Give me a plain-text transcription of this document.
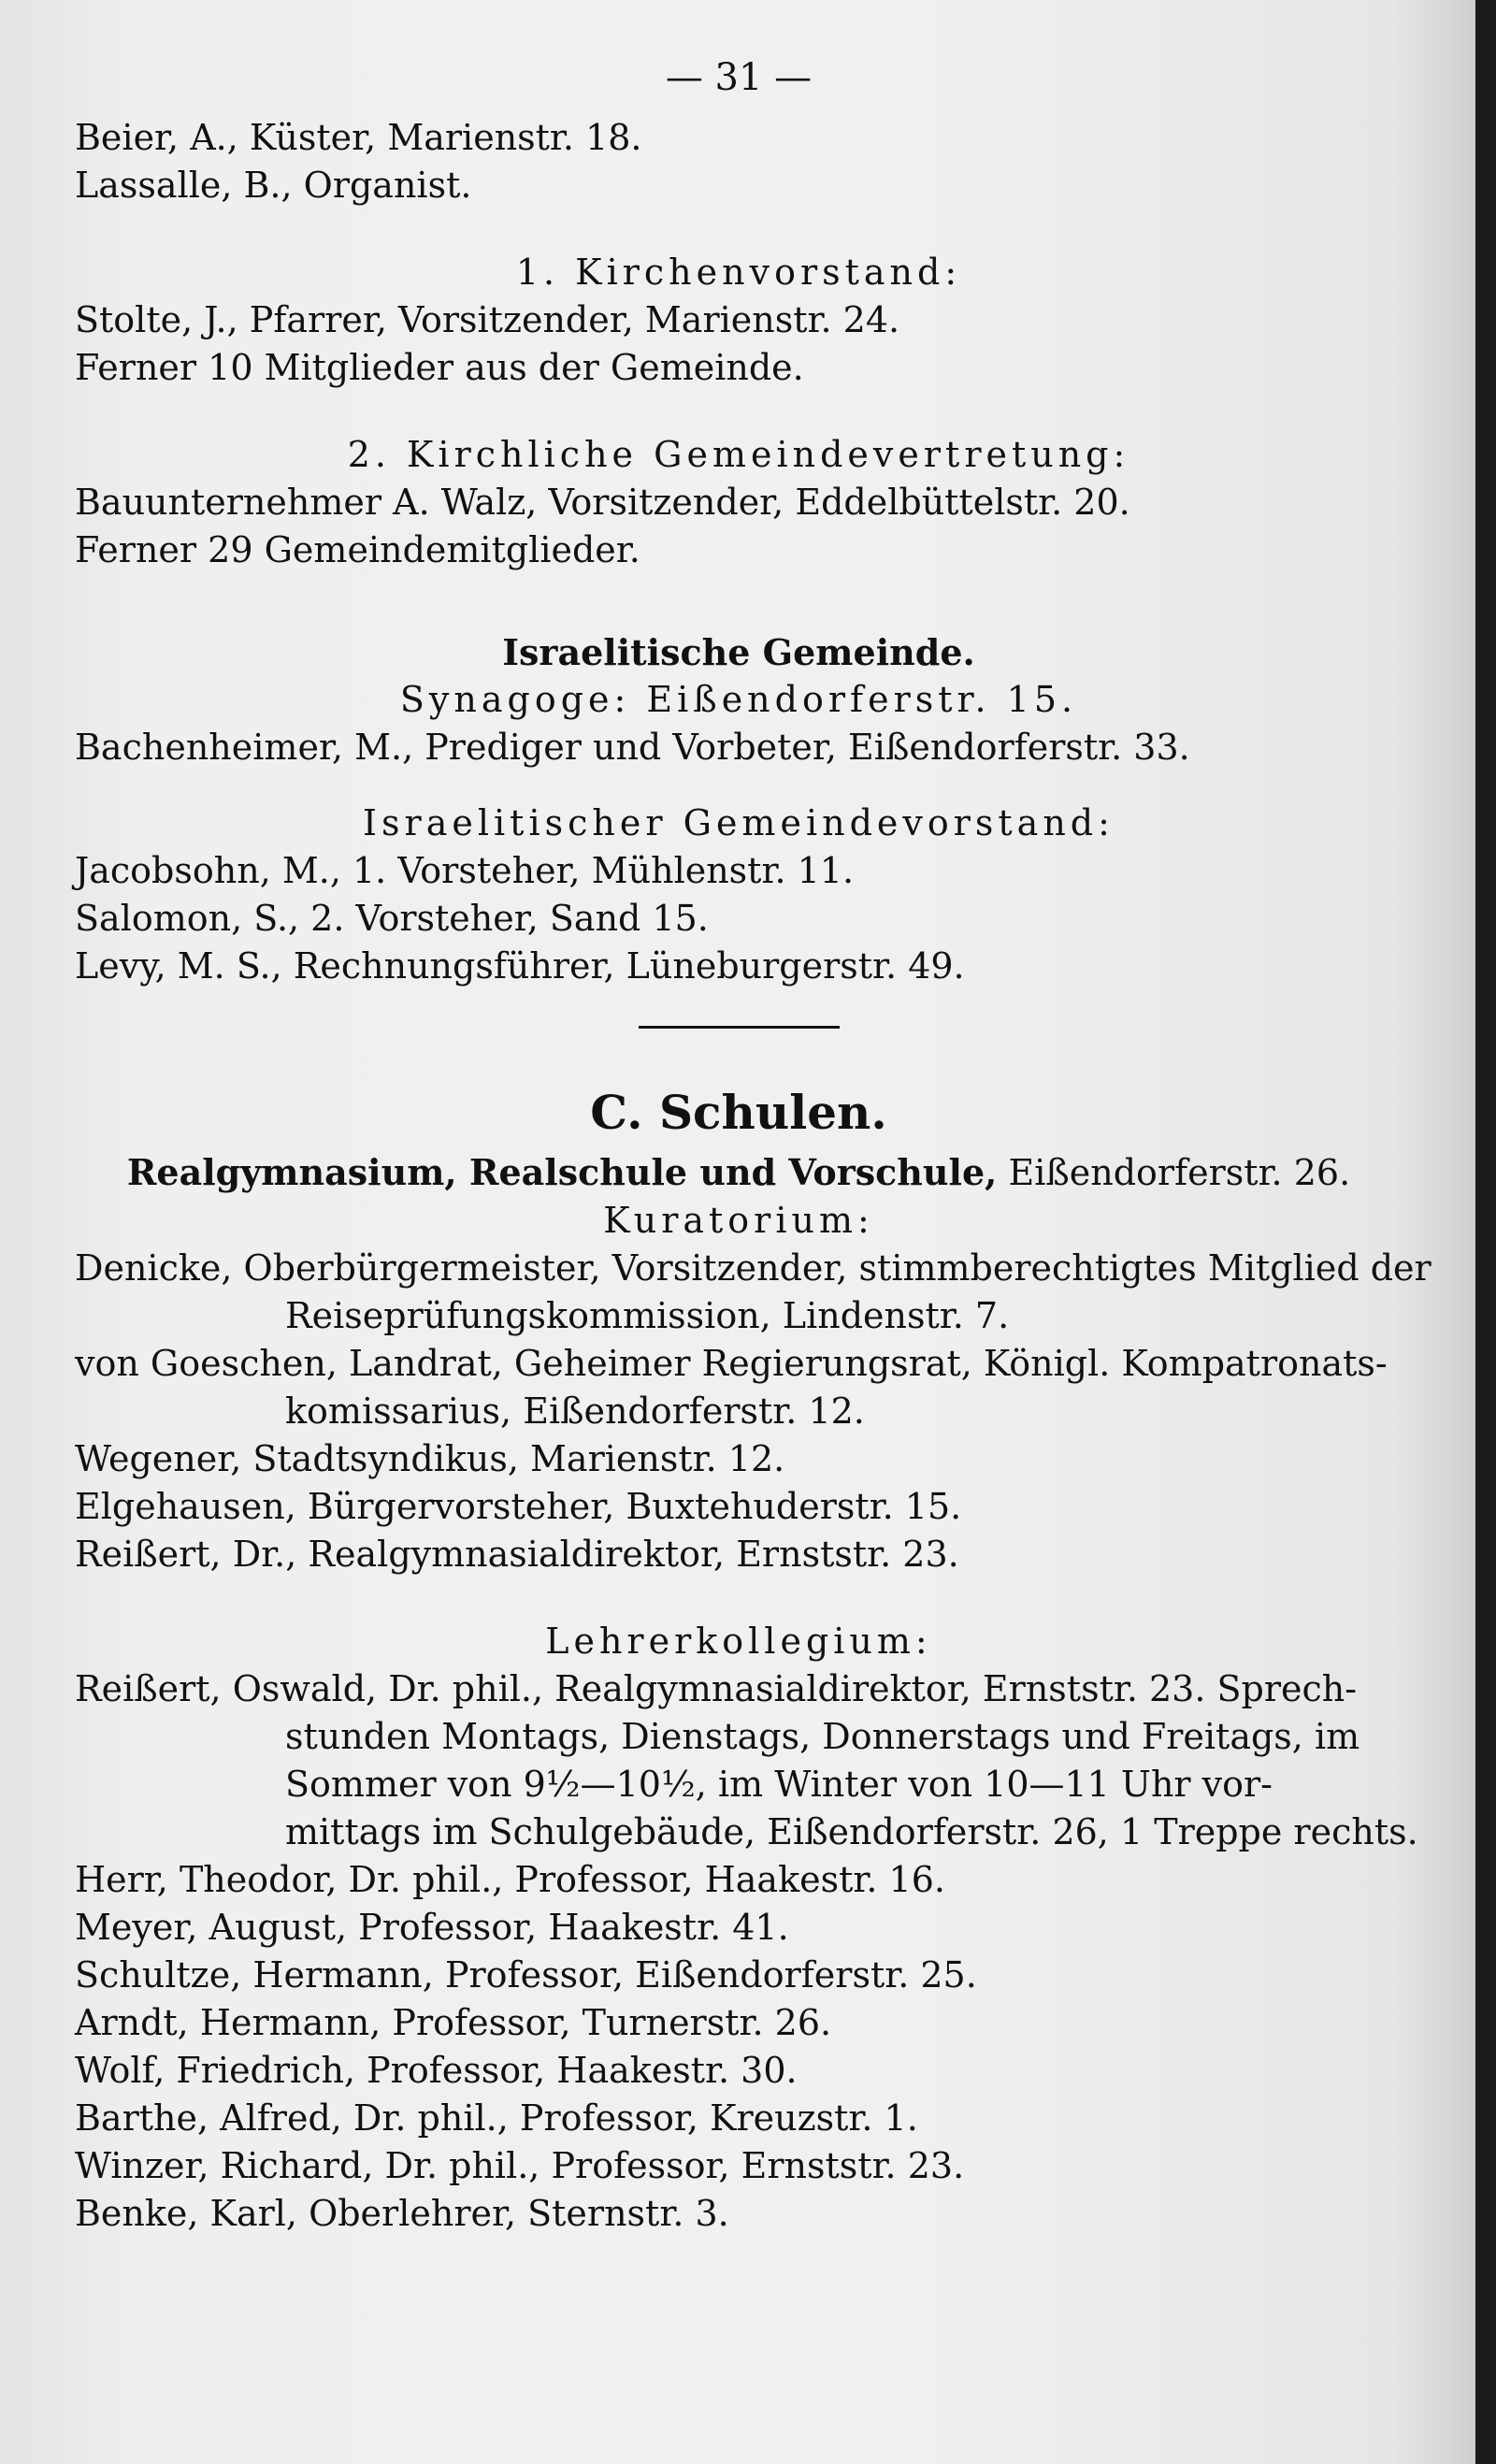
— 31 —
Beier, A., Küster, Marienstr. 18.
Lassalle, B., Organist.
1. Kirchenvorstand:
Stolte, J., Pfarrer, Vorsitzender, Marienstr. 24.
Ferner 10 Mitglieder aus der Gemeinde.
2. Kirchliche Gemeindevertretung:
Bauunternehmer A. Walz, Vorsitzender, Eddelbüttelstr. 20.
Ferner 29 Gemeindemitglieder.
Israelitische Gemeinde.
Synagoge: Eißendorferstr. 15.
Bachenheimer, M., Prediger und Vorbeter, Eißendorferstr. 33.
Israelitischer Gemeindevorstand:
Jacobsohn, M., 1. Vorsteher, Mühlenstr. 11.
Salomon, S., 2. Vorsteher, Sand 15.
Levy, M. S., Rechnungsführer, Lüneburgerstr. 49.
C. Schulen.
Realgymnasium, Realschule und Vorschule, Eißendorferstr. 26.
Kuratorium:
Denicke, Oberbürgermeister, Vorsitzender, stimmberechtigtes Mitglied der
Reiseprüfungskommission, Lindenstr. 7.
von Goeschen, Landrat, Geheimer Regierungsrat, Königl. Kompatronats-
komissarius, Eißendorferstr. 12.
Wegener, Stadtsyndikus, Marienstr. 12.
Elgehausen, Bürgervorsteher, Buxtehuderstr. 15.
Reißert, Dr., Realgymnasialdirektor, Ernststr. 23.
Lehrerkollegium:
Reißert, Oswald, Dr. phil., Realgymnasialdirektor, Ernststr. 23. Sprech-
stunden Montags, Dienstags, Donnerstags und Freitags, im
Sommer von 9½—10½, im Winter von 10—11 Uhr vor-
mittags im Schulgebäude, Eißendorferstr. 26, 1 Treppe rechts.
Herr, Theodor, Dr. phil., Professor, Haakestr. 16.
Meyer, August, Professor, Haakestr. 41.
Schultze, Hermann, Professor, Eißendorferstr. 25.
Arndt, Hermann, Professor, Turnerstr. 26.
Wolf, Friedrich, Professor, Haakestr. 30.
Barthe, Alfred, Dr. phil., Professor, Kreuzstr. 1.
Winzer, Richard, Dr. phil., Professor, Ernststr. 23.
Benke, Karl, Oberlehrer, Sternstr. 3.
